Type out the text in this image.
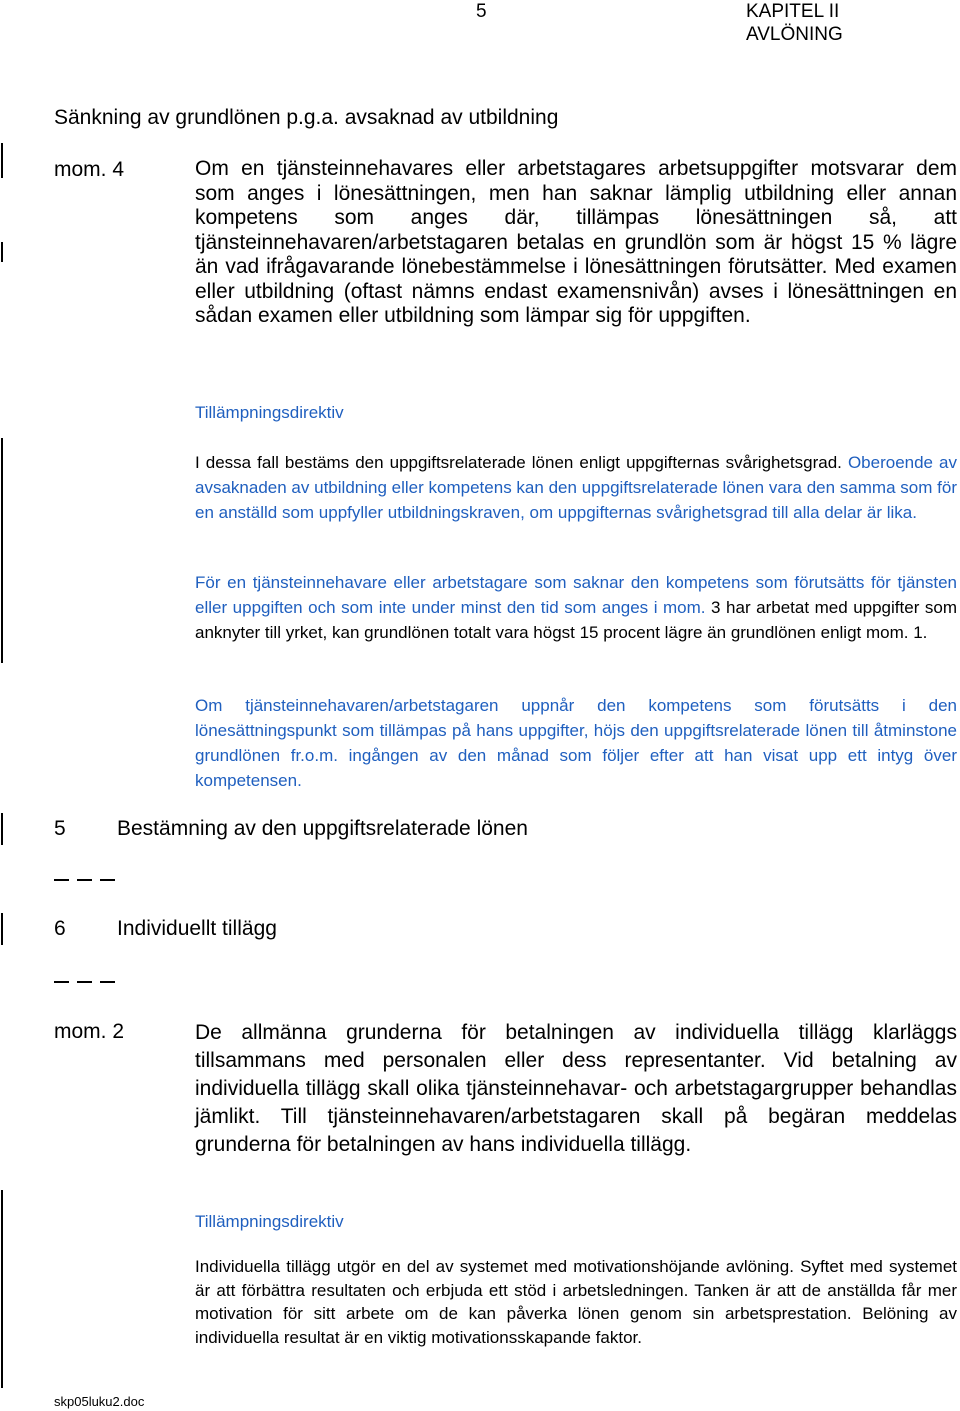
5	KAPITEL II
AVLÖNING
Sänkning av grundlönen p.g.a. avsaknad av utbildning
mom. 4	Om en tjänsteinnehavares eller arbetstagares arbetsuppgifter motsvarar dem som anges i lönesättningen, men han saknar lämplig utbildning eller annan kompetens som anges där, tillämpas lönesättningen så, att tjänsteinnehavaren/arbetstagaren betalas en grundlön som är högst 15 % lägre än vad ifrågavarande lönebestämmelse i lönesättningen förutsätter. Med examen eller utbildning (oftast nämns endast examensnivån) avses i lönesättningen en sådan examen eller utbildning som lämpar sig för uppgiften.

Tillämpningsdirektiv

I dessa fall bestäms den uppgiftsrelaterade lönen enligt uppgifternas svårighetsgrad. Oberoende av avsaknaden av utbildning eller kompetens kan den uppgiftsrelaterade lönen vara den samma som för en anställd som uppfyller utbildningskraven, om uppgifternas svårighetsgrad till alla delar är lika.

För en tjänsteinnehavare eller arbetstagare som saknar den kompetens som förutsätts för tjänsten eller uppgiften och som inte under minst den tid som anges i mom. 3 har arbetat med uppgifter som anknyter till yrket, kan grundlönen totalt vara högst 15 procent lägre än grundlönen enligt mom. 1.

Om tjänsteinnehavaren/arbetstagaren uppnår den kompetens som förutsätts i den lönesättningspunkt som tillämpas på hans uppgifter, höjs den uppgiftsrelaterade lönen till åtminstone grundlönen fr.o.m. ingången av den månad som följer efter att han visat upp ett intyg över kompetensen.

5 Bestämning av den uppgiftsrelaterade lönen
6 Individuellt tillägg
mom. 2	De allmänna grunderna för betalningen av individuella tillägg klarläggs tillsammans med personalen eller dess representanter. Vid betalning av individuella tillägg skall olika tjänsteinnehavar- och arbetstagargrupper behandlas jämlikt. Till tjänsteinnehavaren/arbetstagaren skall på begäran meddelas grunderna för betalningen av hans individuella tillägg.

Tillämpningsdirektiv

Individuella tillägg utgör en del av systemet med motivationshöjande avlöning. Syftet med systemet är att förbättra resultaten och erbjuda ett stöd i arbetsledningen. Tanken är att de anställda får mer motivation för sitt arbete om de kan påverka lönen genom sin arbetsprestation. Belöning av individuella resultat är en viktig motivationsskapande faktor.

skp05luku2.doc
